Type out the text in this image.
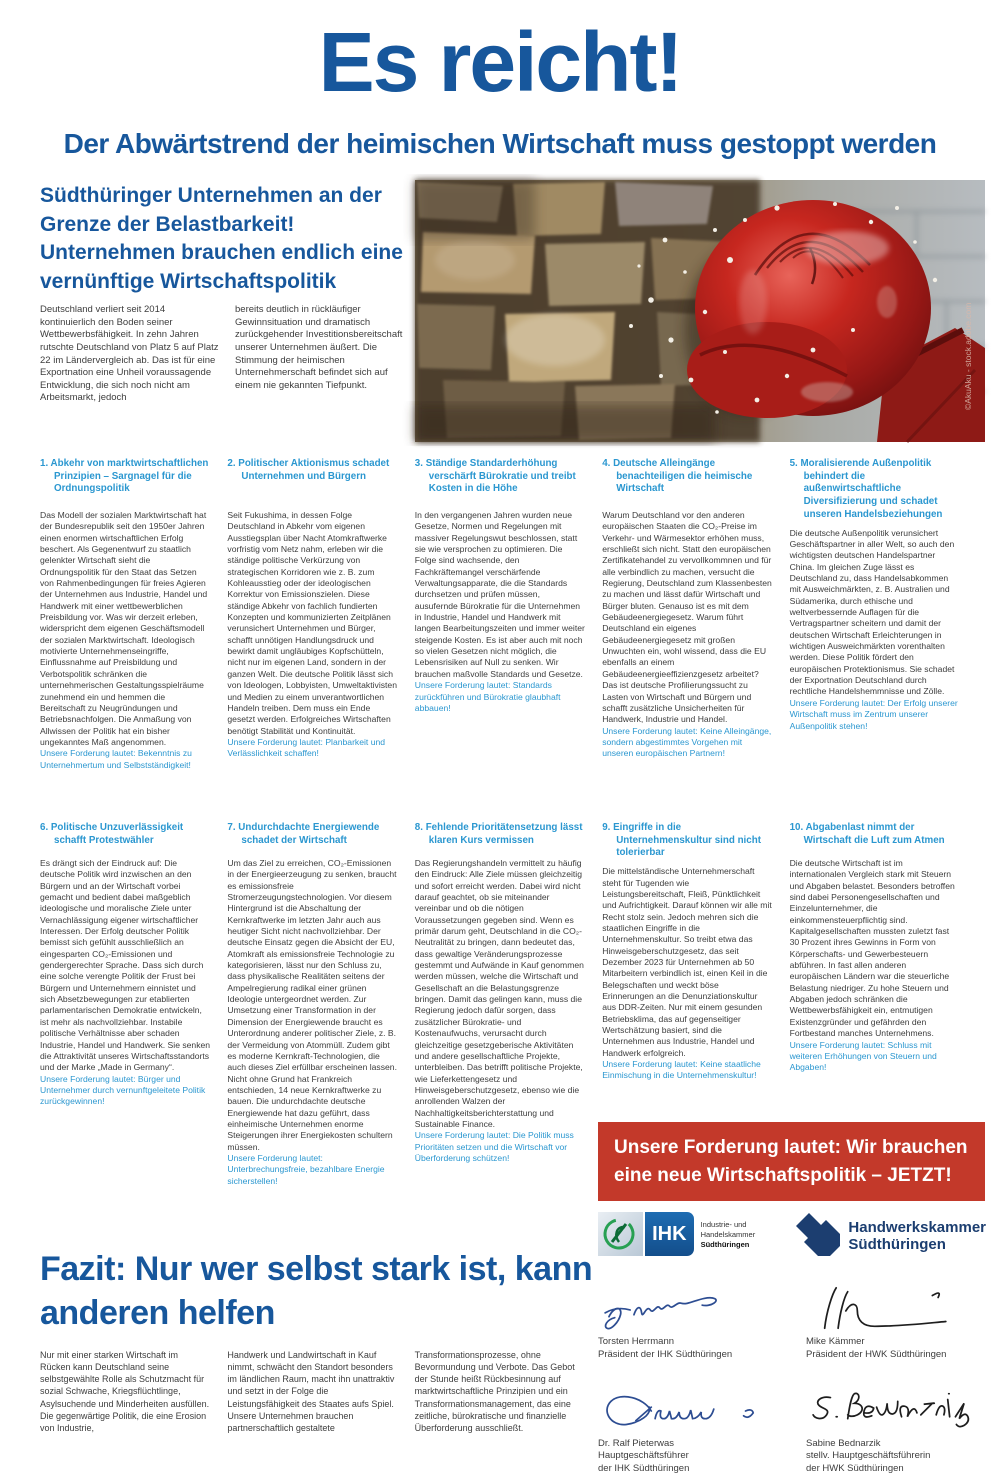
Es reicht!
Der Abwärtstrend der heimischen Wirtschaft muss gestoppt werden
Südthüringer Unternehmen an der Grenze der Belastbarkeit! Unternehmen brauchen endlich eine vernünftige Wirtschaftspolitik

Deutschland verliert seit 2014 kontinuierlich den Boden seiner Wettbewerbsfähigkeit. In zehn Jahren rutschte Deutschland von Platz 5 auf Platz 22 im Ländervergleich ab. Das ist für eine Exportnation eine Unheil voraussagende Entwicklung, die sich noch nicht am Arbeitsmarkt, jedoch

bereits deutlich in rückläufiger Gewinnsituation und dramatisch zurückgehender Investitionsbereitschaft unserer Unternehmen äußert. Die Stimmung der heimischen Unternehmerschaft befindet sich auf einem nie gekannten Tiefpunkt.	©AkuAku - stock.adobe.com

1. Abkehr von marktwirtschaftlichen Prinzipien – Sargnagel für die Ordnungspolitik

Das Modell der sozialen Marktwirtschaft hat der Bundesrepublik seit den 1950er Jahren einen enormen wirtschaftlichen Erfolg beschert. Als Gegenentwurf zu staatlich gelenkter Wirtschaft sieht die Ordnungspolitik für den Staat das Setzen von Rahmenbedingungen für freies Agieren der Unternehmen aus Industrie, Handel und Handwerk mit einer wettbewerblichen Preisbildung vor. Was wir derzeit erleben, widerspricht dem eigenen Geschäftsmodell der sozialen Marktwirtschaft. Ideologisch motivierte Unternehmenseingriffe, Einflussnahme auf Preisbildung und Verbotspolitik schränken die unternehmerischen Gestaltungsspielräume zunehmend ein und hemmen die Bereitschaft zu Neugründungen und Betriebsnachfolgen. Die Anmaßung von Allwissen der Politik hat ein bisher ungekanntes Maß angenommen.

Unsere Forderung lautet: Bekenntnis zu Unternehmertum und Selbstständigkeit!

2. Politischer Aktionismus schadet Unternehmen und Bürgern

Seit Fukushima, in dessen Folge Deutschland in Abkehr vom eigenen Ausstiegsplan über Nacht Atomkraftwerke vorfristig vom Netz nahm, erleben wir die ständige politische Verkürzung von strategischen Korridoren wie z. B. zum Kohleausstieg oder der ideologischen Korrektur von Emissionszielen. Diese ständige Abkehr von fachlich fundierten Konzepten und kommunizierten Zeitplänen verunsichert Unternehmen und Bürger, schafft unnötigen Handlungsdruck und bewirkt damit ungläubiges Kopfschütteln, nicht nur im eigenen Land, sondern in der ganzen Welt. Die deutsche Politik lässt sich von Ideologen, Lobbyisten, Umweltaktivisten und Medien zu einem unverantwortlichen Handeln treiben. Dem muss ein Ende gesetzt werden. Erfolgreiches Wirtschaften benötigt Stabilität und Kontinuität.

Unsere Forderung lautet: Planbarkeit und Verlässlichkeit schaffen!

3. Ständige Standarderhöhung verschärft Bürokratie und treibt Kosten in die Höhe

In den vergangenen Jahren wurden neue Gesetze, Normen und Regelungen mit massiver Regelungswut beschlossen, statt sie wie versprochen zu optimieren. Die Folge sind wachsende, den Fachkräftemangel verschärfende Verwaltungsapparate, die die Standards durchsetzen und prüfen müssen, ausufernde Bürokratie für die Unternehmen in Industrie, Handel und Handwerk mit langen Bearbeitungszeiten und immer weiter steigende Kosten. Es ist aber auch mit noch so vielen Gesetzen nicht möglich, die Lebensrisiken auf Null zu senken. Wir brauchen maßvolle Standards und Gesetze.

Unsere Forderung lautet: Standards zurückführen und Bürokratie glaubhaft abbauen!

4. Deutsche Alleingänge benachteiligen die heimische Wirtschaft

Warum Deutschland vor den anderen europäischen Staaten die CO₂-Preise im Verkehr- und Wärmesektor erhöhen muss, erschließt sich nicht. Statt den europäischen Zertifikatehandel zu vervollkommnen und für alle verbindlich zu machen, versucht die Regierung, Deutschland zum Klassenbesten zu machen und lässt dafür Wirtschaft und Bürger bluten. Genauso ist es mit dem Gebäudeenergiegesetz. Warum führt Deutschland ein eigenes Gebäudeenergiegesetz mit großen Unwuchten ein, wohl wissend, dass die EU ebenfalls an einem Gebäudeenergieeffizienzgesetz arbeitet? Das ist deutsche Profilierungssucht zu Lasten von Wirtschaft und Bürgern und schafft zusätzliche Unsicherheiten für Handwerk, Industrie und Handel.

Unsere Forderung lautet: Keine Alleingänge, sondern abgestimmtes Vorgehen mit unseren europäischen Partnern!

5. Moralisierende Außenpolitik behindert die außenwirtschaftliche Diversifizierung und schadet unseren Handelsbeziehungen

Die deutsche Außenpolitik verunsichert Geschäftspartner in aller Welt, so auch den wichtigsten deutschen Handelspartner China. Im gleichen Zuge lässt es Deutschland zu, dass Handelsabkommen mit Ausweichmärkten, z. B. Australien und Südamerika, durch ethische und weltverbessernde Auflagen für die Vertragspartner scheitern und damit der deutschen Wirtschaft Erleichterungen in wichtigen Ausweichmärkten vorenthalten werden. Diese Politik fördert den europäischen Protektionismus. Sie schadet der Exportnation Deutschland durch rechtliche Handelshemmnisse und Zölle.

Unsere Forderung lautet: Der Erfolg unserer Wirtschaft muss im Zentrum unserer Außenpolitik stehen!

6. Politische Unzuverlässigkeit schafft Protestwähler

Es drängt sich der Eindruck auf: Die deutsche Politik wird inzwischen an den Bürgern und an der Wirtschaft vorbei gemacht und bedient dabei maßgeblich ideologische und moralische Ziele unter Vernachlässigung eigener wirtschaftlicher Interessen. Der Erfolg deutscher Politik bemisst sich gefühlt ausschließlich an eingesparten CO₂-Emissionen und gendergerechter Sprache. Dass sich durch eine solche verengte Politik der Frust bei Bürgern und Unternehmern einnistet und sich Absetzbewegungen zur etablierten parlamentarischen Demokratie entwickeln, ist mehr als nachvollziehbar. Instabile politische Verhältnisse aber schaden Industrie, Handel und Handwerk. Sie senken die Attraktivität unseres Wirtschaftsstandorts und der Marke „Made in Germany“.

Unsere Forderung lautet: Bürger und Unternehmer durch vernunftgeleitete Politik zurückgewinnen!

7. Undurchdachte Energiewende schadet der Wirtschaft

Um das Ziel zu erreichen, CO₂-Emissionen in der Energieerzeugung zu senken, braucht es emissionsfreie Stromerzeugungstechnologien. Vor diesem Hintergrund ist die Abschaltung der Kernkraftwerke im letzten Jahr auch aus heutiger Sicht nicht nachvollziehbar. Der deutsche Einsatz gegen die Absicht der EU, Atomkraft als emissionsfreie Technologie zu kategorisieren, lässt nur den Schluss zu, dass physikalische Realitäten seitens der Ampelregierung radikal einer grünen Ideologie untergeordnet werden. Zur Umsetzung einer Transformation in der Dimension der Energiewende braucht es Unterordnung anderer politischer Ziele, z. B. der Vermeidung von Atommüll. Zudem gibt es moderne Kernkraft-Technologien, die auch dieses Ziel erfüllbar erscheinen lassen. Nicht ohne Grund hat Frankreich entschieden, 14 neue Kernkraftwerke zu bauen. Die undurchdachte deutsche Energiewende hat dazu geführt, dass einheimische Unternehmen enorme Steigerungen ihrer Energiekosten schultern müssen.

Unsere Forderung lautet: Unterbrechungsfreie, bezahlbare Energie sicherstellen!

8. Fehlende Prioritätensetzung lässt klaren Kurs vermissen

Das Regierungshandeln vermittelt zu häufig den Eindruck: Alle Ziele müssen gleichzeitig und sofort erreicht werden. Dabei wird nicht darauf geachtet, ob sie miteinander vereinbar und ob die nötigen Voraussetzungen gegeben sind. Wenn es primär darum geht, Deutschland in die CO₂-Neutralität zu bringen, dann bedeutet das, dass gewaltige Veränderungsprozesse gestemmt und Aufwände in Kauf genommen werden müssen, welche die Wirtschaft und Gesellschaft an die Belastungsgrenze bringen. Damit das gelingen kann, muss die Regierung jedoch dafür sorgen, dass zusätzlicher Bürokratie- und Kostenaufwuchs, verursacht durch gleichzeitige gesetzgeberische Aktivitäten und andere gesellschaftliche Projekte, unterbleiben. Das betrifft politische Projekte, wie Lieferkettengesetz und Hinweisgeberschutzgesetz, ebenso wie die anrollenden Walzen der Nachhaltigkeitsberichterstattung und Sustainable Finance.

Unsere Forderung lautet: Die Politik muss Prioritäten setzen und die Wirtschaft vor Überforderung schützen!

9. Eingriffe in die Unternehmenskultur sind nicht tolerierbar

Die mittelständische Unternehmerschaft steht für Tugenden wie Leistungsbereitschaft, Fleiß, Pünktlichkeit und Aufrichtigkeit. Darauf können wir alle mit Recht stolz sein. Jedoch mehren sich die staatlichen Eingriffe in die Unternehmenskultur. So treibt etwa das Hinweisgeberschutzgesetz, das seit Dezember 2023 für Unternehmen ab 50 Mitarbeitern verbindlich ist, einen Keil in die Belegschaften und weckt böse Erinnerungen an die Denunziationskultur aus DDR-Zeiten. Nur mit einem gesunden Betriebsklima, das auf gegenseitiger Wertschätzung basiert, sind die Unternehmen aus Industrie, Handel und Handwerk erfolgreich.

Unsere Forderung lautet: Keine staatliche Einmischung in die Unternehmenskultur!

10. Abgabenlast nimmt der Wirtschaft die Luft zum Atmen

Die deutsche Wirtschaft ist im internationalen Vergleich stark mit Steuern und Abgaben belastet. Besonders betroffen sind dabei Personengesellschaften und Einzelunternehmer, die einkommensteuerpflichtig sind. Kapitalgesellschaften mussten zuletzt fast 30 Prozent ihres Gewinns in Form von Körperschafts- und Gewerbesteuern abführen. In fast allen anderen europäischen Ländern war die steuerliche Belastung niedriger. Zu hohe Steuern und Abgaben jedoch schränken die Wettbewerbsfähigkeit ein, entmutigen Existenzgründer und gefährden den Fortbestand manches Unternehmens.

Unsere Forderung lautet: Schluss mit weiteren Erhöhungen von Steuern und Abgaben!

Unsere Forderung lautet: Wir brauchen eine neue Wirtschaftspolitik – JETZT!
IHK	Industrie- und Handelskammer
Südthüringen
Handwerkskammer
Südthüringen
Torsten Herrmann
Präsident der IHK Südthüringen
Mike Kämmer
Präsident der HWK Südthüringen
Dr. Ralf Pieterwas
Hauptgeschäftsführer
der IHK Südthüringen
Sabine Bednarzik
stellv. Hauptgeschäftsführerin
der HWK Südthüringen
Fazit: Nur wer selbst stark ist, kann anderen helfen

Nur mit einer starken Wirtschaft im Rücken kann Deutschland seine selbstgewählte Rolle als Schutzmacht für sozial Schwache, Kriegsflüchtlinge, Asylsuchende und Minderheiten ausfüllen. Die gegenwärtige Politik, die eine Erosion von Industrie,

Handwerk und Landwirtschaft in Kauf nimmt, schwächt den Standort besonders im ländlichen Raum, macht ihn unattraktiv und setzt in der Folge die Leistungsfähigkeit des Staates aufs Spiel. Unsere Unternehmen brauchen partnerschaftlich gestaltete

Transformationsprozesse, ohne Bevormundung und Verbote. Das Gebot der Stunde heißt Rückbesinnung auf marktwirtschaftliche Prinzipien und ein Transformationsmanagement, das eine zeitliche, bürokratische und finanzielle Überforderung ausschließt.
